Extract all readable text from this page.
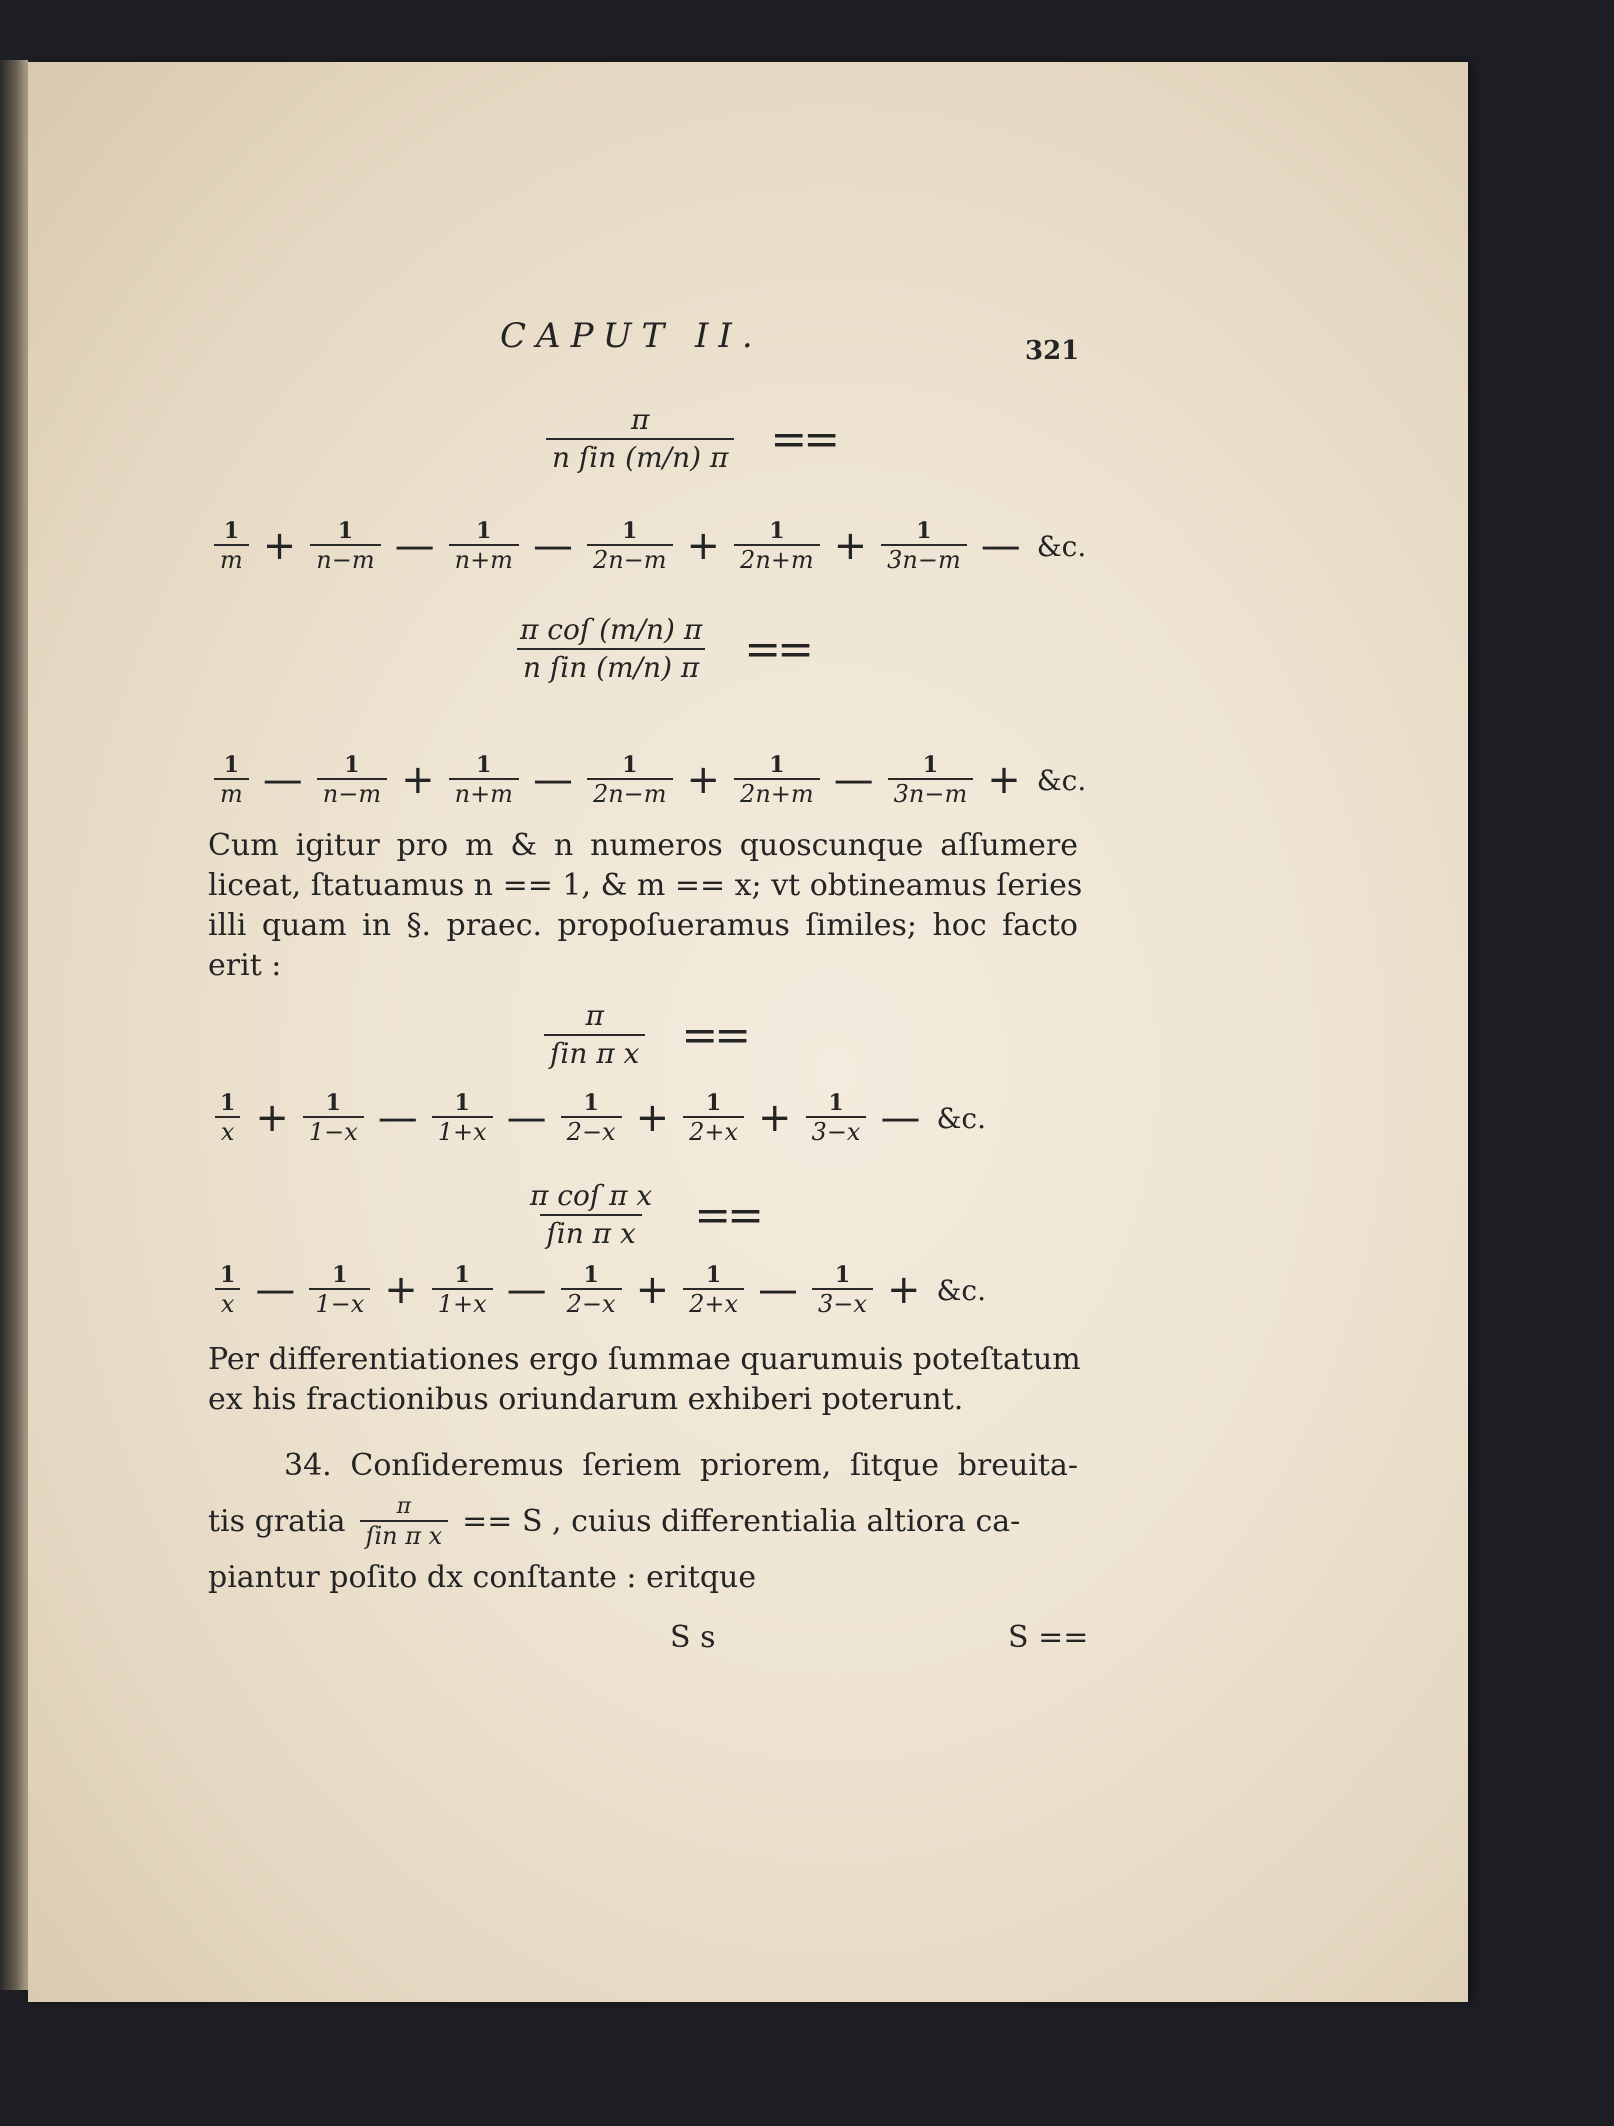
CAPUT II.	321
$\frac{\pi}{\text{n ſin (m/n) π}}$ ==
$\frac{1}{m} + \frac{1}{n-m}$ — $\frac{1}{n+m}$ — $\frac{1}{2n-m} + \frac{1}{2n+m} + \frac{1}{3n-m}$ — &c.
$\frac{\text{π coſ (m/n) π}}{\text{n ſin (m/n) π}}$ ==
$\frac{1}{m}$ — $\frac{1}{n-m} + \frac{1}{n+m}$ — $\frac{1}{2n-m} + \frac{1}{2n+m}$ — $\frac{1}{3n-m}$ + &c.
Cum igitur pro m & n numeros quoscunque aſſumere
liceat, ſtatuamus n == 1, & m == x; vt obtineamus ſeries
illi quam in §. praec. propoſueramus ſimiles; hoc facto
erit :
$\frac{\pi}{\text{ſin π x}}$ ==
$\frac{1}{x} + \frac{1}{1-x}$ — $\frac{1}{1+x}$ — $\frac{1}{2-x} + \frac{1}{2+x} + \frac{1}{3-x}$ — &c.
$\frac{\text{π coſ π x}}{\text{ſin π x}}$ ==
$\frac{1}{x}$ — $\frac{1}{1-x} + \frac{1}{1+x}$ — $\frac{1}{2-x} + \frac{1}{2+x}$ — $\frac{1}{3-x}$ + &c.
Per differentiationes ergo ſummae quarumuis poteſtatum
ex his fractionibus oriundarum exhiberi poterunt.
34. Conſideremus ſeriem priorem, ſitque breuita-
tis gratia $\frac{\pi}{\text{ſin π x}} == S$ , cuius differentialia altiora ca-
piantur poſito dx conſtante : eritque
S s	S ==
